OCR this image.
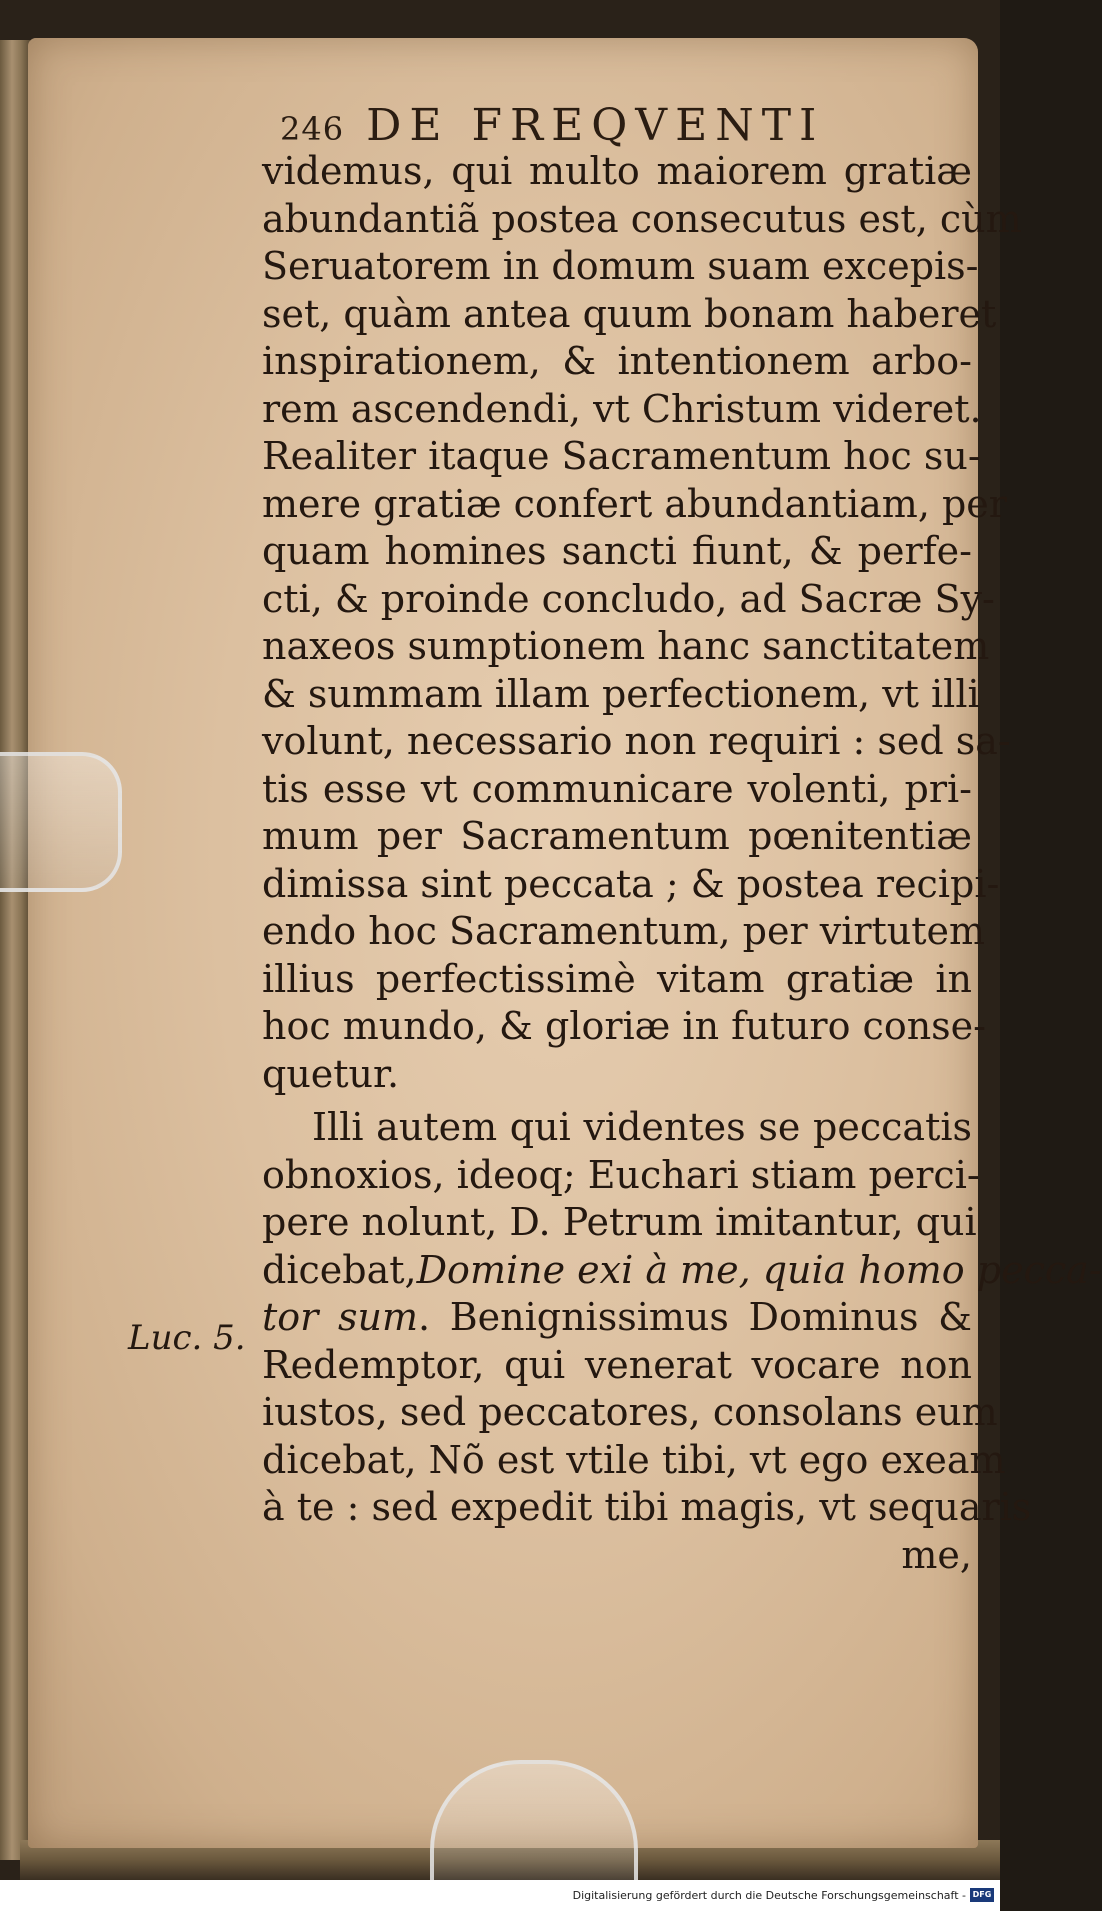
246 DE FREQVENTI
videmus, qui multo maiorem gratiæ
abundantiã postea consecutus est, cùm
Seruatorem in domum suam excepis-
set, quàm antea quum bonam haberet
inspirationem, & intentionem arbo-
rem ascendendi, vt Christum videret.
Realiter itaque Sacramentum hoc su-
mere gratiæ confert abundantiam, per
quam homines sancti fiunt, & perfe-
cti, & proinde concludo, ad Sacræ Sy-
naxeos sumptionem hanc sanctitatem
& summam illam perfectionem, vt illi
volunt, necessario non requiri : sed sa-
tis esse vt communicare volenti, pri-
mum per Sacramentum pœnitentiæ
dimissa sint peccata ; & postea recipi-
endo hoc Sacramentum, per virtutem
illius perfectissimè vitam gratiæ in
hoc mundo, & gloriæ in futuro conse-
quetur.
Illi autem qui videntes se peccatis
obnoxios, ideoq; Euchari stiam perci-
pere nolunt, D. Petrum imitantur, qui
dicebat,Domine exi à me, quia homo pecca-
tor sum. Benignissimus Dominus &
Redemptor, qui venerat vocare non
iustos, sed peccatores, consolans eum
dicebat, Nõ est vtile tibi, vt ego exeam
à te : sed expedit tibi magis, vt sequaris
me,
Luc. 5.
Digitalisierung gefördert durch die Deutsche Forschungsgemeinschaft - DFG
